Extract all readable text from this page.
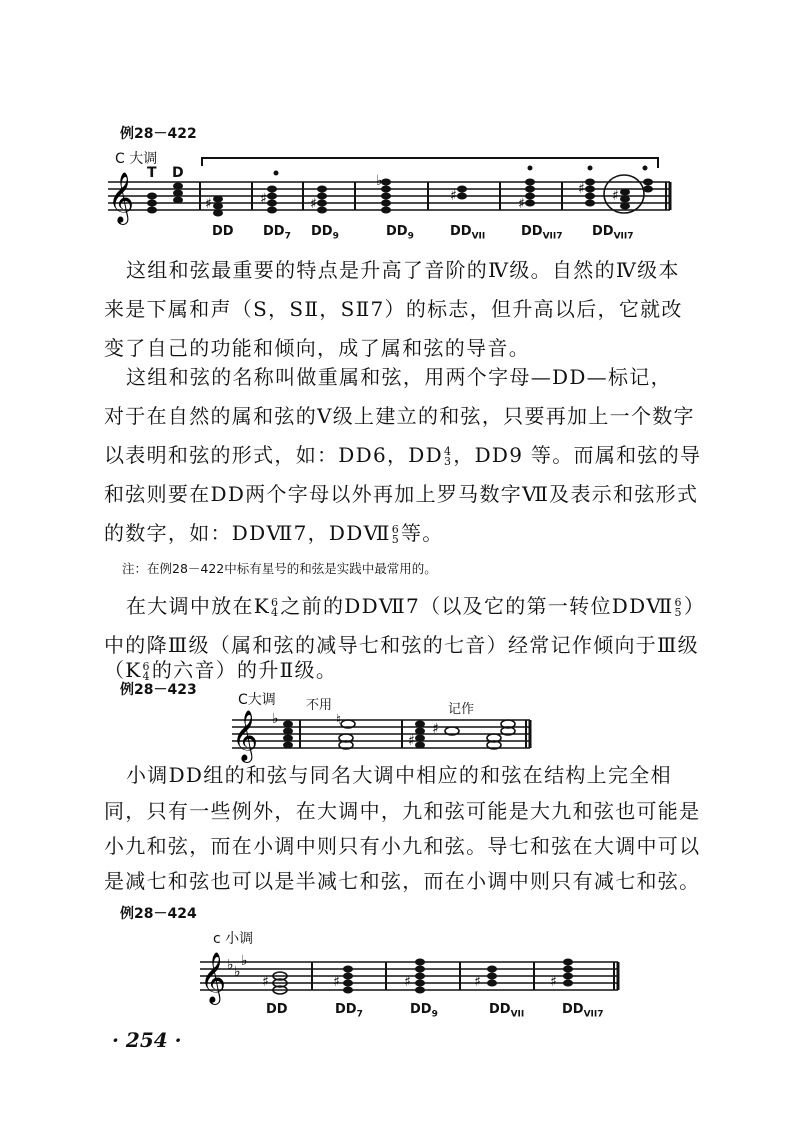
例28－422
C 大调
T D
𝄞	♯	♯	♯
♭
♯	♯
♯ ♯
DD $DD_7$ $DD_9$	$DD_9$	$DD_{VII}$	$DD_{VII7}$ $DD_{VII7}$
这组和弦最重要的特点是升高了音阶的Ⅳ级。自然的Ⅳ级本
来是下属和声（S，SⅡ，SⅡ7）的标志，但升高以后，它就改
变了自己的功能和倾向，成了属和弦的导音。
这组和弦的名称叫做重属和弦，用两个字母—DD—标记，
对于在自然的属和弦的Ⅴ级上建立的和弦，只要再加上一个数字
以表明和弦的形式，如：DD6，DD 4
3 ，DD9 等。而属和弦的导
和弦则要在DD两个字母以外再加上罗马数字Ⅶ及表示和弦形式
的数字，如：DDⅦ7，DDⅦ 6
5 等。
注：在例28－422中标有星号的和弦是实践中最常用的。
在大调中放在K 6
4 之前的DDⅦ7（以及它的第一转位DDⅦ 6
5 ）
中的降Ⅲ级（属和弦的减导七和弦的七音）经常记作倾向于Ⅲ级
（K 6
4 的六音）的升Ⅱ级。
例28－423
C大调 不用	记作
𝄞 ♭	♮
♯
♯
小调DD组的和弦与同名大调中相应的和弦在结构上完全相
同，只有一些例外，在大调中，九和弦可能是大九和弦也可能是
小九和弦，而在小调中则只有小九和弦。导七和弦在大调中可以
是减七和弦也可以是半减七和弦，而在小调中则只有减七和弦。
例28－424
c 小调
𝄞 ♭ ♭
♭
♯	♯	♯	♯	♯
DD	$DD_7$	$DD_9$	$DD_{VII}$	$DD_{VII7}$
· 254 ·
